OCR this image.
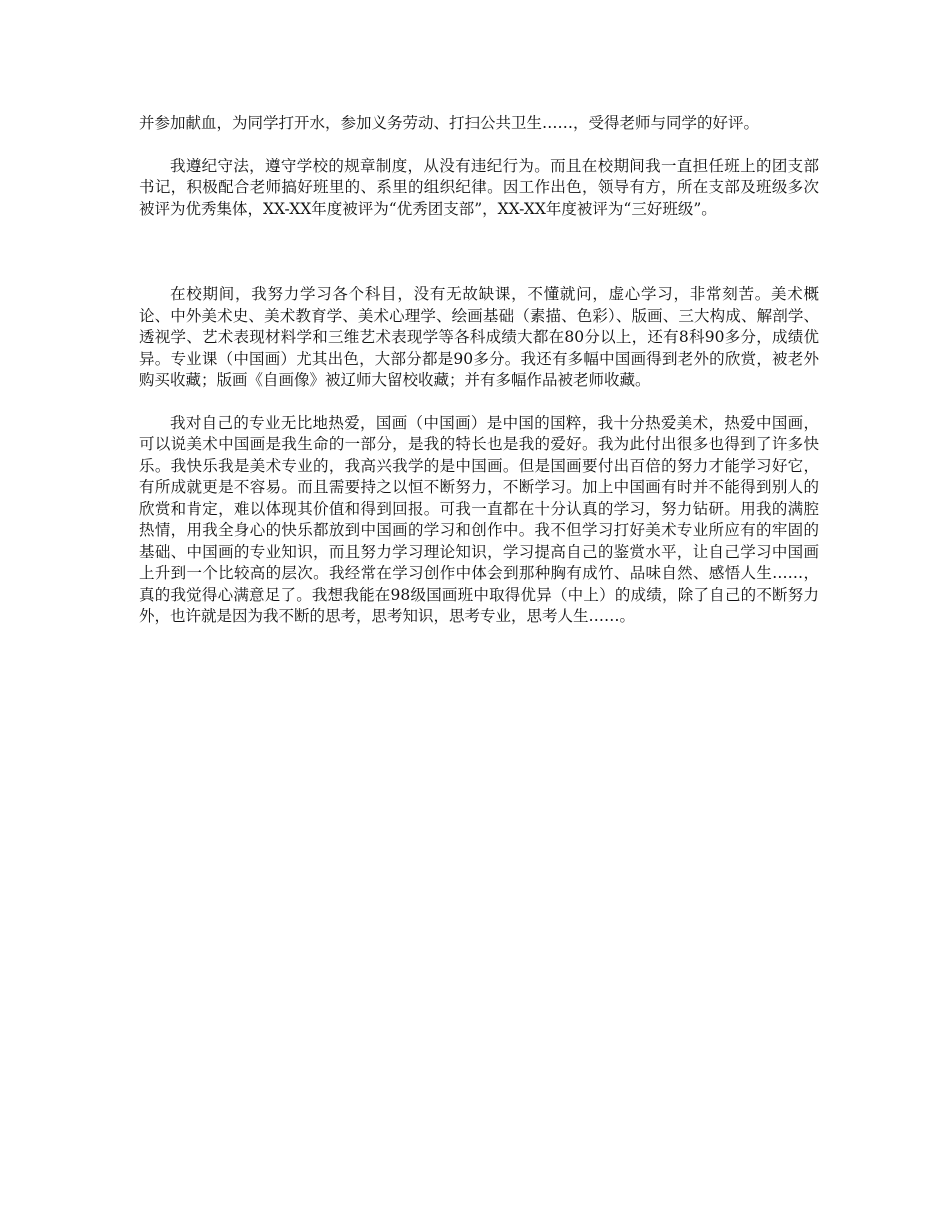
并参加献血，为同学打开水，参加义务劳动、打扫公共卫生……，受得老师与同学的好评。

我遵纪守法，遵守学校的规章制度，从没有违纪行为。而且在校期间我一直担任班上的团支部书记，积极配合老师搞好班里的、系里的组织纪律。因工作出色，领导有方，所在支部及班级多次被评为优秀集体，XX-XX年度被评为“优秀团支部”，XX-XX年度被评为“三好班级”。

在校期间，我努力学习各个科目，没有无故缺课，不懂就问，虚心学习，非常刻苦。美术概论、中外美术史、美术教育学、美术心理学、绘画基础（素描、色彩）、版画、三大构成、解剖学、透视学、艺术表现材料学和三维艺术表现学等各科成绩大都在80分以上，还有8科90多分，成绩优异。专业课（中国画）尤其出色，大部分都是90多分。我还有多幅中国画得到老外的欣赏，被老外购买收藏；版画《自画像》被辽师大留校收藏；并有多幅作品被老师收藏。

我对自己的专业无比地热爱，国画（中国画）是中国的国粹，我十分热爱美术，热爱中国画，可以说美术中国画是我生命的一部分，是我的特长也是我的爱好。我为此付出很多也得到了许多快乐。我快乐我是美术专业的，我高兴我学的是中国画。但是国画要付出百倍的努力才能学习好它，有所成就更是不容易。而且需要持之以恒不断努力，不断学习。加上中国画有时并不能得到别人的欣赏和肯定，难以体现其价值和得到回报。可我一直都在十分认真的学习，努力钻研。用我的满腔热情，用我全身心的快乐都放到中国画的学习和创作中。我不但学习打好美术专业所应有的牢固的基础、中国画的专业知识，而且努力学习理论知识，学习提高自己的鉴赏水平，让自己学习中国画上升到一个比较高的层次。我经常在学习创作中体会到那种胸有成竹、品味自然、感悟人生……，真的我觉得心满意足了。我想我能在98级国画班中取得优异（中上）的成绩，除了自己的不断努力外，也许就是因为我不断的思考，思考知识，思考专业，思考人生……。
